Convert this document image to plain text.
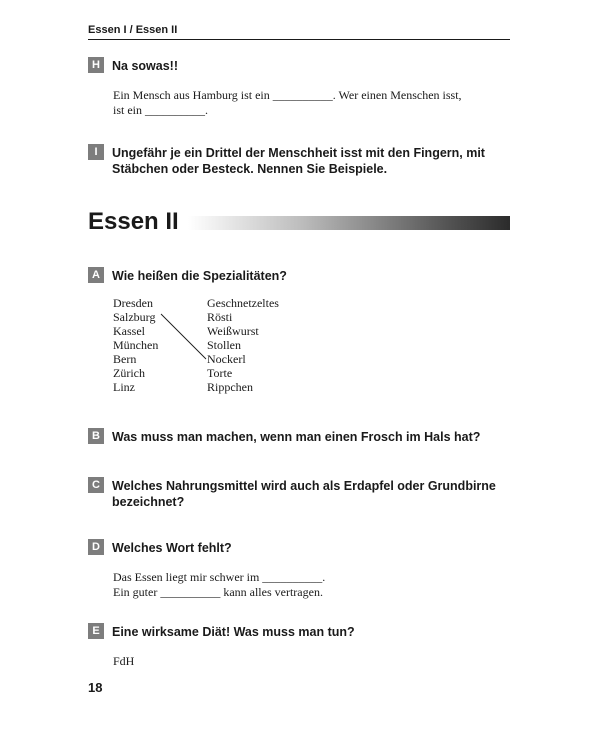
Essen I / Essen II
H Na sowas!!
Ein Mensch aus Hamburg ist ein __________. Wer einen Menschen isst,
ist ein __________.
I	Ungefähr je ein Drittel der Menschheit isst mit den Fingern, mit Stäbchen oder Besteck. Nennen Sie Beispiele.
Essen II
A Wie heißen die Spezialitäten?
Dresden
Salzburg
Kassel
München
Bern
Zürich
Linz
Geschnetzeltes
Rösti
Weißwurst
Stollen
Nockerl
Torte
Rippchen
B Was muss man machen, wenn man einen Frosch im Hals hat?
C Welches Nahrungsmittel wird auch als Erdapfel oder Grundbirne bezeichnet?
D Welches Wort fehlt?
Das Essen liegt mir schwer im __________.
Ein guter __________ kann alles vertragen.
E Eine wirksame Diät! Was muss man tun?
FdH
18
